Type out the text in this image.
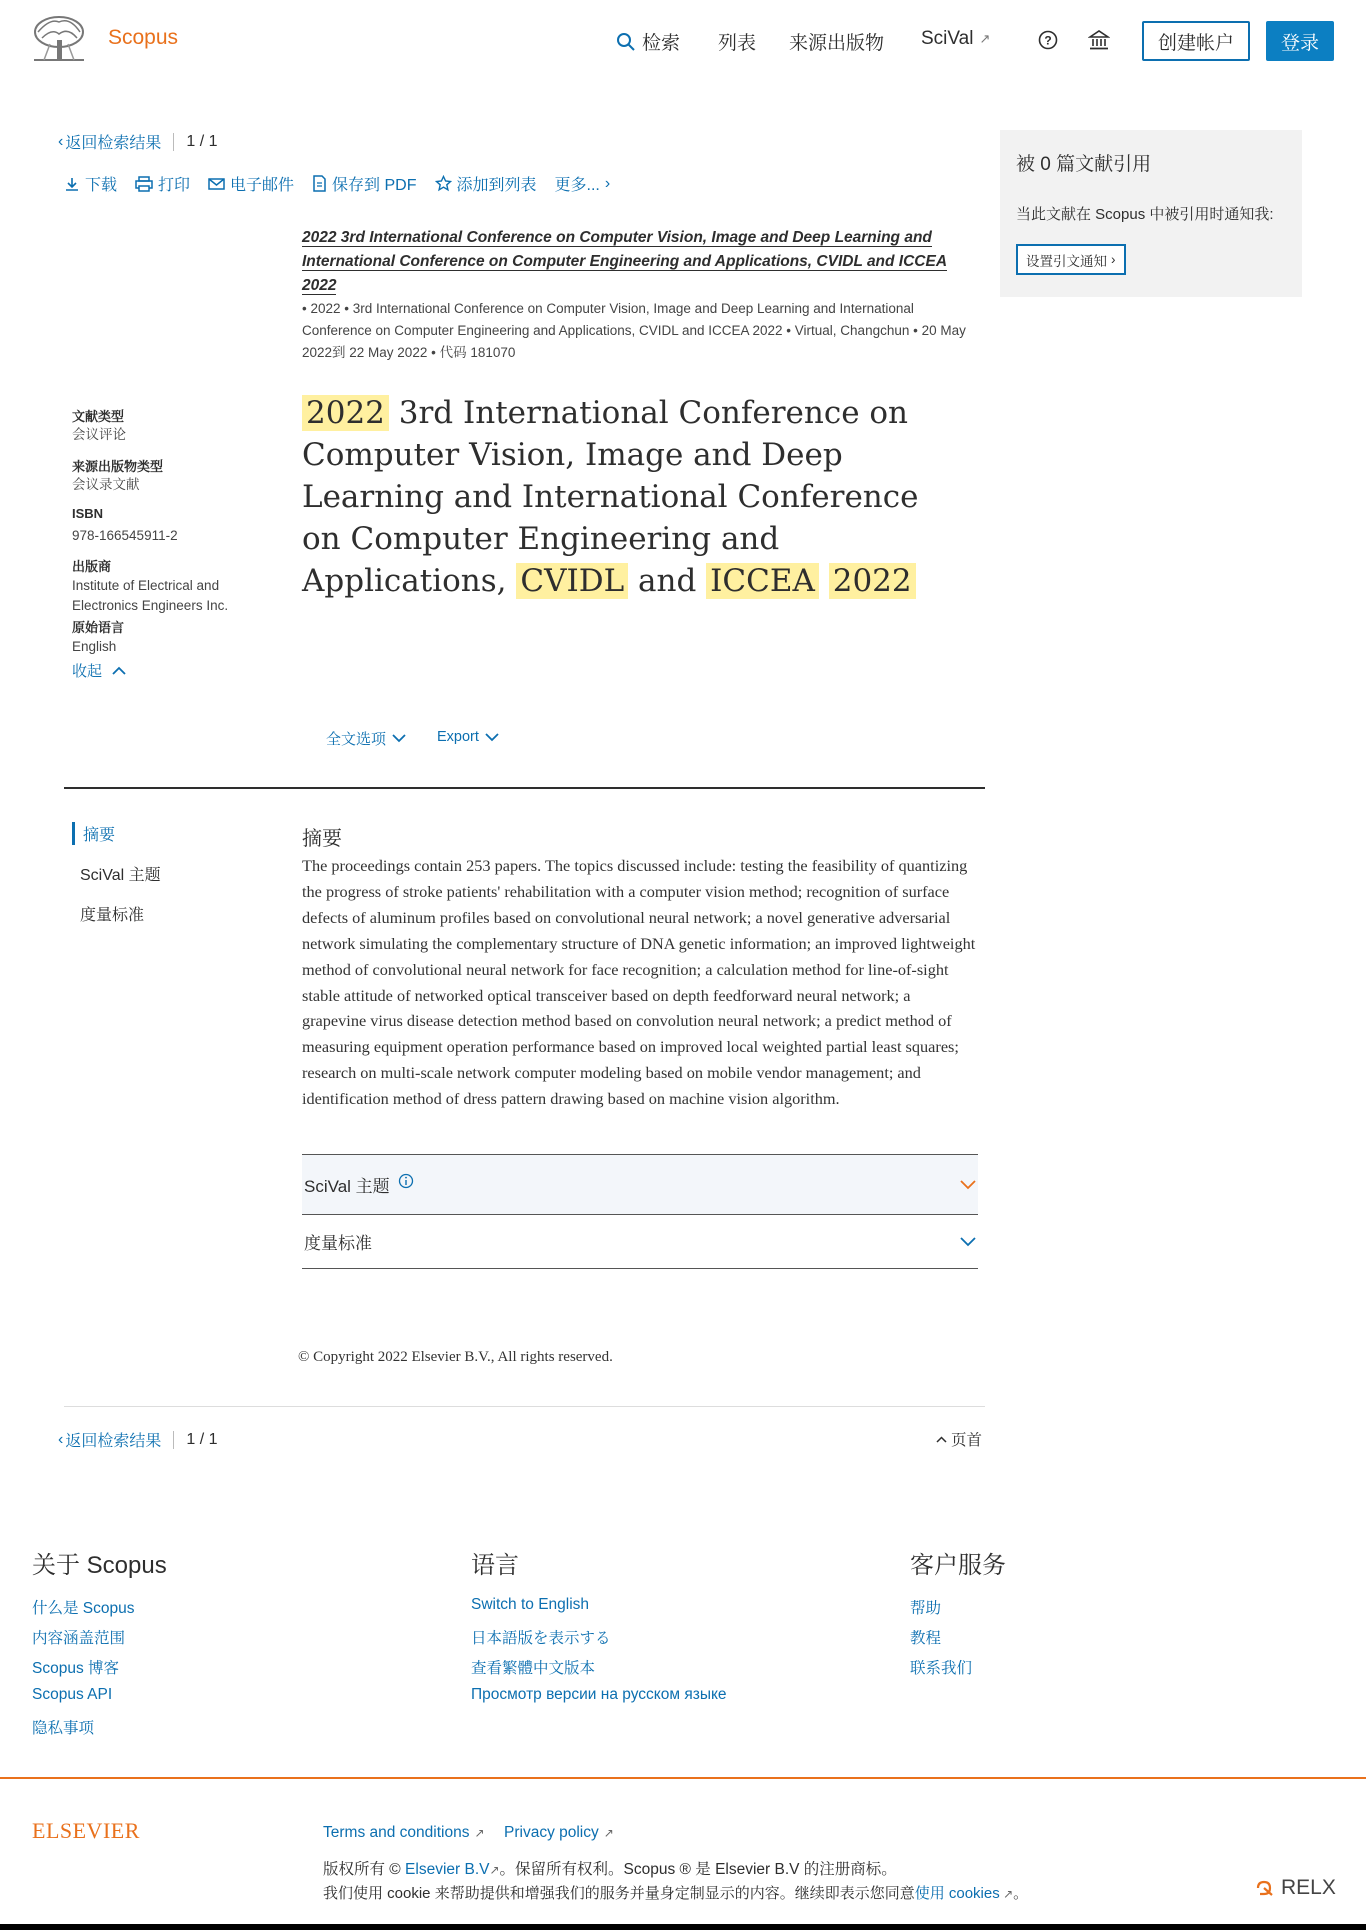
Scopus	检索 列表 来源出版物 SciVal ↗	?	创建帐户	登录
‹ 返回检索结果 1 / 1
下载	打印	电子邮件 保存到 PDF	添加到列表 更多... ›
2022 3rd International Conference on Computer Vision, Image and Deep Learning and International Conference on Computer Engineering and Applications, CVIDL and ICCEA 2022
• 2022 • 3rd International Conference on Computer Vision, Image and Deep Learning and International Conference on Computer Engineering and Applications, CVIDL and ICCEA 2022 • Virtual, Changchun • 20 May 2022到 22 May 2022 • 代码 181070
文献类型
会议评论
来源出版物类型
会议录文献
ISBN
978-166545911-2
出版商
Institute of Electrical and Electronics Engineers Inc.
原始语言
English
收起
2022 3rd International Conference on Computer Vision, Image and Deep Learning and International Conference on Computer Engineering and Applications, CVIDL and ICCEA 2022
全文选项	Export
摘要
SciVal 主题
度量标准
摘要

The proceedings contain 253 papers. The topics discussed include: testing the feasibility of quantizing the progress of stroke patients' rehabilitation with a computer vision method; recognition of surface defects of aluminum profiles based on convolutional neural network; a novel generative adversarial network simulating the complementary structure of DNA genetic information; an improved lightweight method of convolutional neural network for face recognition; a calculation method for line-of-sight stable attitude of networked optical transceiver based on depth feedforward neural network; a grapevine virus disease detection method based on convolution neural network; a predict method of measuring equipment operation performance based on improved local weighted partial least squares; research on multi-scale network computer modeling based on mobile vendor management; and identification method of dress pattern drawing based on machine vision algorithm.

SciVal 主题
度量标准
© Copyright 2022 Elsevier B.V., All rights reserved.
‹ 返回检索结果 1 / 1	页首
被 0 篇文献引用
当此文献在 Scopus 中被引用时通知我:
设置引文通知 ›
关于 Scopus
什么是 Scopus
内容涵盖范围
Scopus 博客
Scopus API
隐私事项
语言
Switch to English
日本語版を表示する
查看繁體中文版本
Просмотр версии на русском языке
客户服务
帮助
教程
联系我们
ELSEVIER	Terms and conditions ↗ Privacy policy ↗
版权所有 © Elsevier B.V↗。保留所有权利。Scopus ® 是 Elsevier B.V 的注册商标。
我们使用 cookie 来帮助提供和增强我们的服务并量身定制显示的内容。继续即表示您同意使用 cookies ↗。	RELX
